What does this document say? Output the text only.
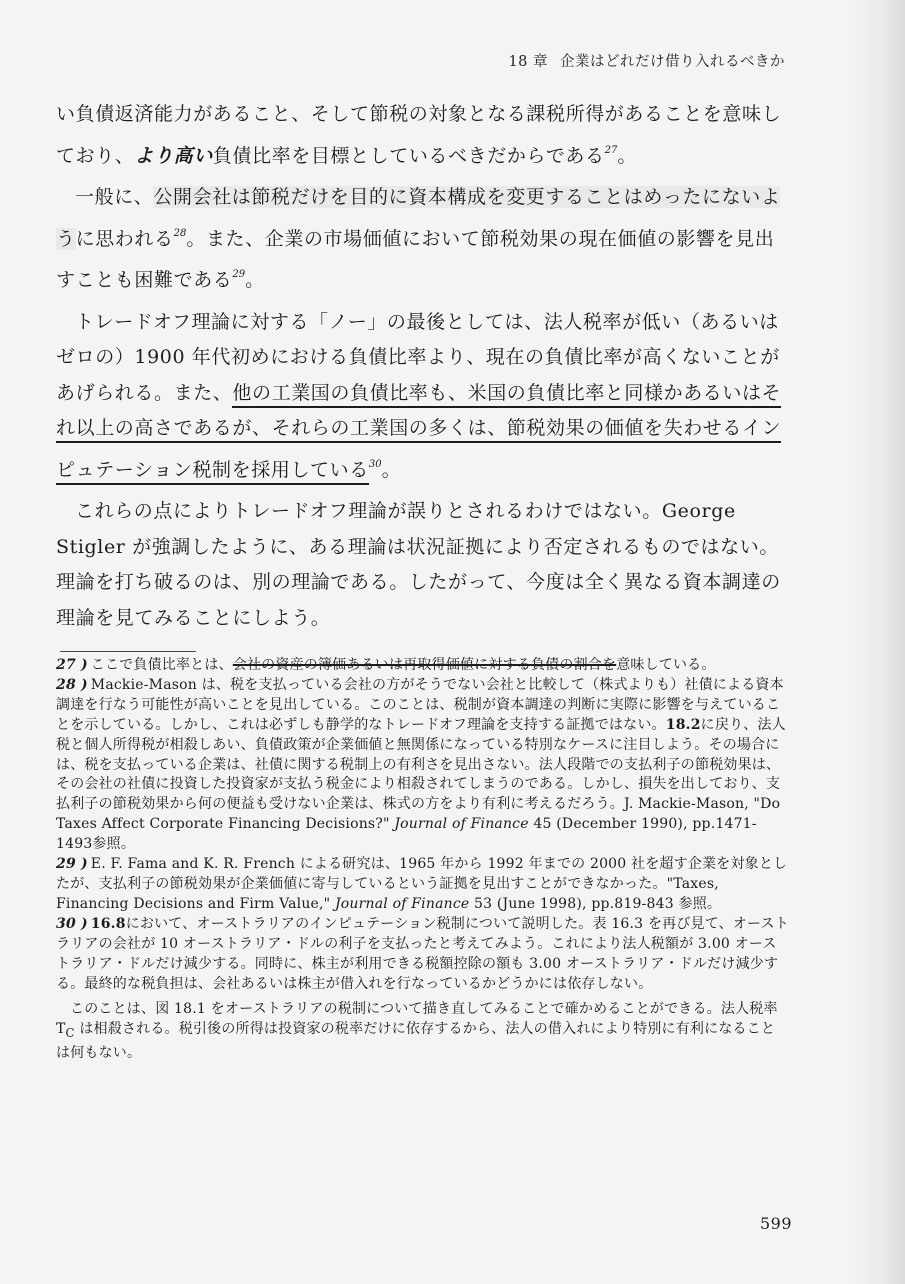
18 章 企業はどれだけ借り入れるべきか

い負債返済能力があること、そして節税の対象となる課税所得があることを意味しており、より高い負債比率を目標としているべきだからである$^{27}$。

一般に、公開会社は節税だけを目的に資本構成を変更することはめったにないように思われる$^{28}$。また、企業の市場価値において節税効果の現在価値の影響を見出すことも困難である$^{29}$。

トレードオフ理論に対する「ノー」の最後としては、法人税率が低い（あるいはゼロの）1900 年代初めにおける負債比率より、現在の負債比率が高くないことがあげられる。また、他の工業国の負債比率も、米国の負債比率と同様かあるいはそれ以上の高さであるが、それらの工業国の多くは、節税効果の価値を失わせるインピュテーション税制を採用している$^{30}$。

これらの点によりトレードオフ理論が誤りとされるわけではない。George Stigler が強調したように、ある理論は状況証拠により否定されるものではない。理論を打ち破るのは、別の理論である。したがって、今度は全く異なる資本調達の理論を見てみることにしよう。

27 ) ここで負債比率とは、会社の資産の簿価あるいは再取得価値に対する負債の割合を意味している。

28 ) Mackie-Mason は、税を支払っている会社の方がそうでない会社と比較して（株式よりも）社債による資本調達を行なう可能性が高いことを見出している。このことは、税制が資本調達の判断に実際に影響を与えていることを示している。しかし、これは必ずしも静学的なトレードオフ理論を支持する証拠ではない。18.2に戻り、法人税と個人所得税が相殺しあい、負債政策が企業価値と無関係になっている特別なケースに注目しよう。その場合には、税を支払っている企業は、社債に関する税制上の有利さを見出さない。法人段階での支払利子の節税効果は、その会社の社債に投資した投資家が支払う税金により相殺されてしまうのである。しかし、損失を出しており、支払利子の節税効果から何の便益も受けない企業は、株式の方をより有利に考えるだろう。J. Mackie-Mason, "Do Taxes Affect Corporate Financing Decisions?" Journal of Finance 45 (December 1990), pp.1471-1493参照。

29 ) E. F. Fama and K. R. French による研究は、1965 年から 1992 年までの 2000 社を超す企業を対象としたが、支払利子の節税効果が企業価値に寄与しているという証拠を見出すことができなかった。"Taxes, Financing Decisions and Firm Value," Journal of Finance 53 (June 1998), pp.819-843 参照。

30 ) 16.8において、オーストラリアのインピュテーション税制について説明した。表 16.3 を再び見て、オーストラリアの会社が 10 オーストラリア・ドルの利子を支払ったと考えてみよう。これにより法人税額が 3.00 オーストラリア・ドルだけ減少する。同時に、株主が利用できる税額控除の額も 3.00 オーストラリア・ドルだけ減少する。最終的な税負担は、会社あるいは株主が借入れを行なっているかどうかには依存しない。

このことは、図 18.1 をオーストラリアの税制について描き直してみることで確かめることができる。法人税率 $T_C$ は相殺される。税引後の所得は投資家の税率だけに依存するから、法人の借入れにより特別に有利になることは何もない。

599
